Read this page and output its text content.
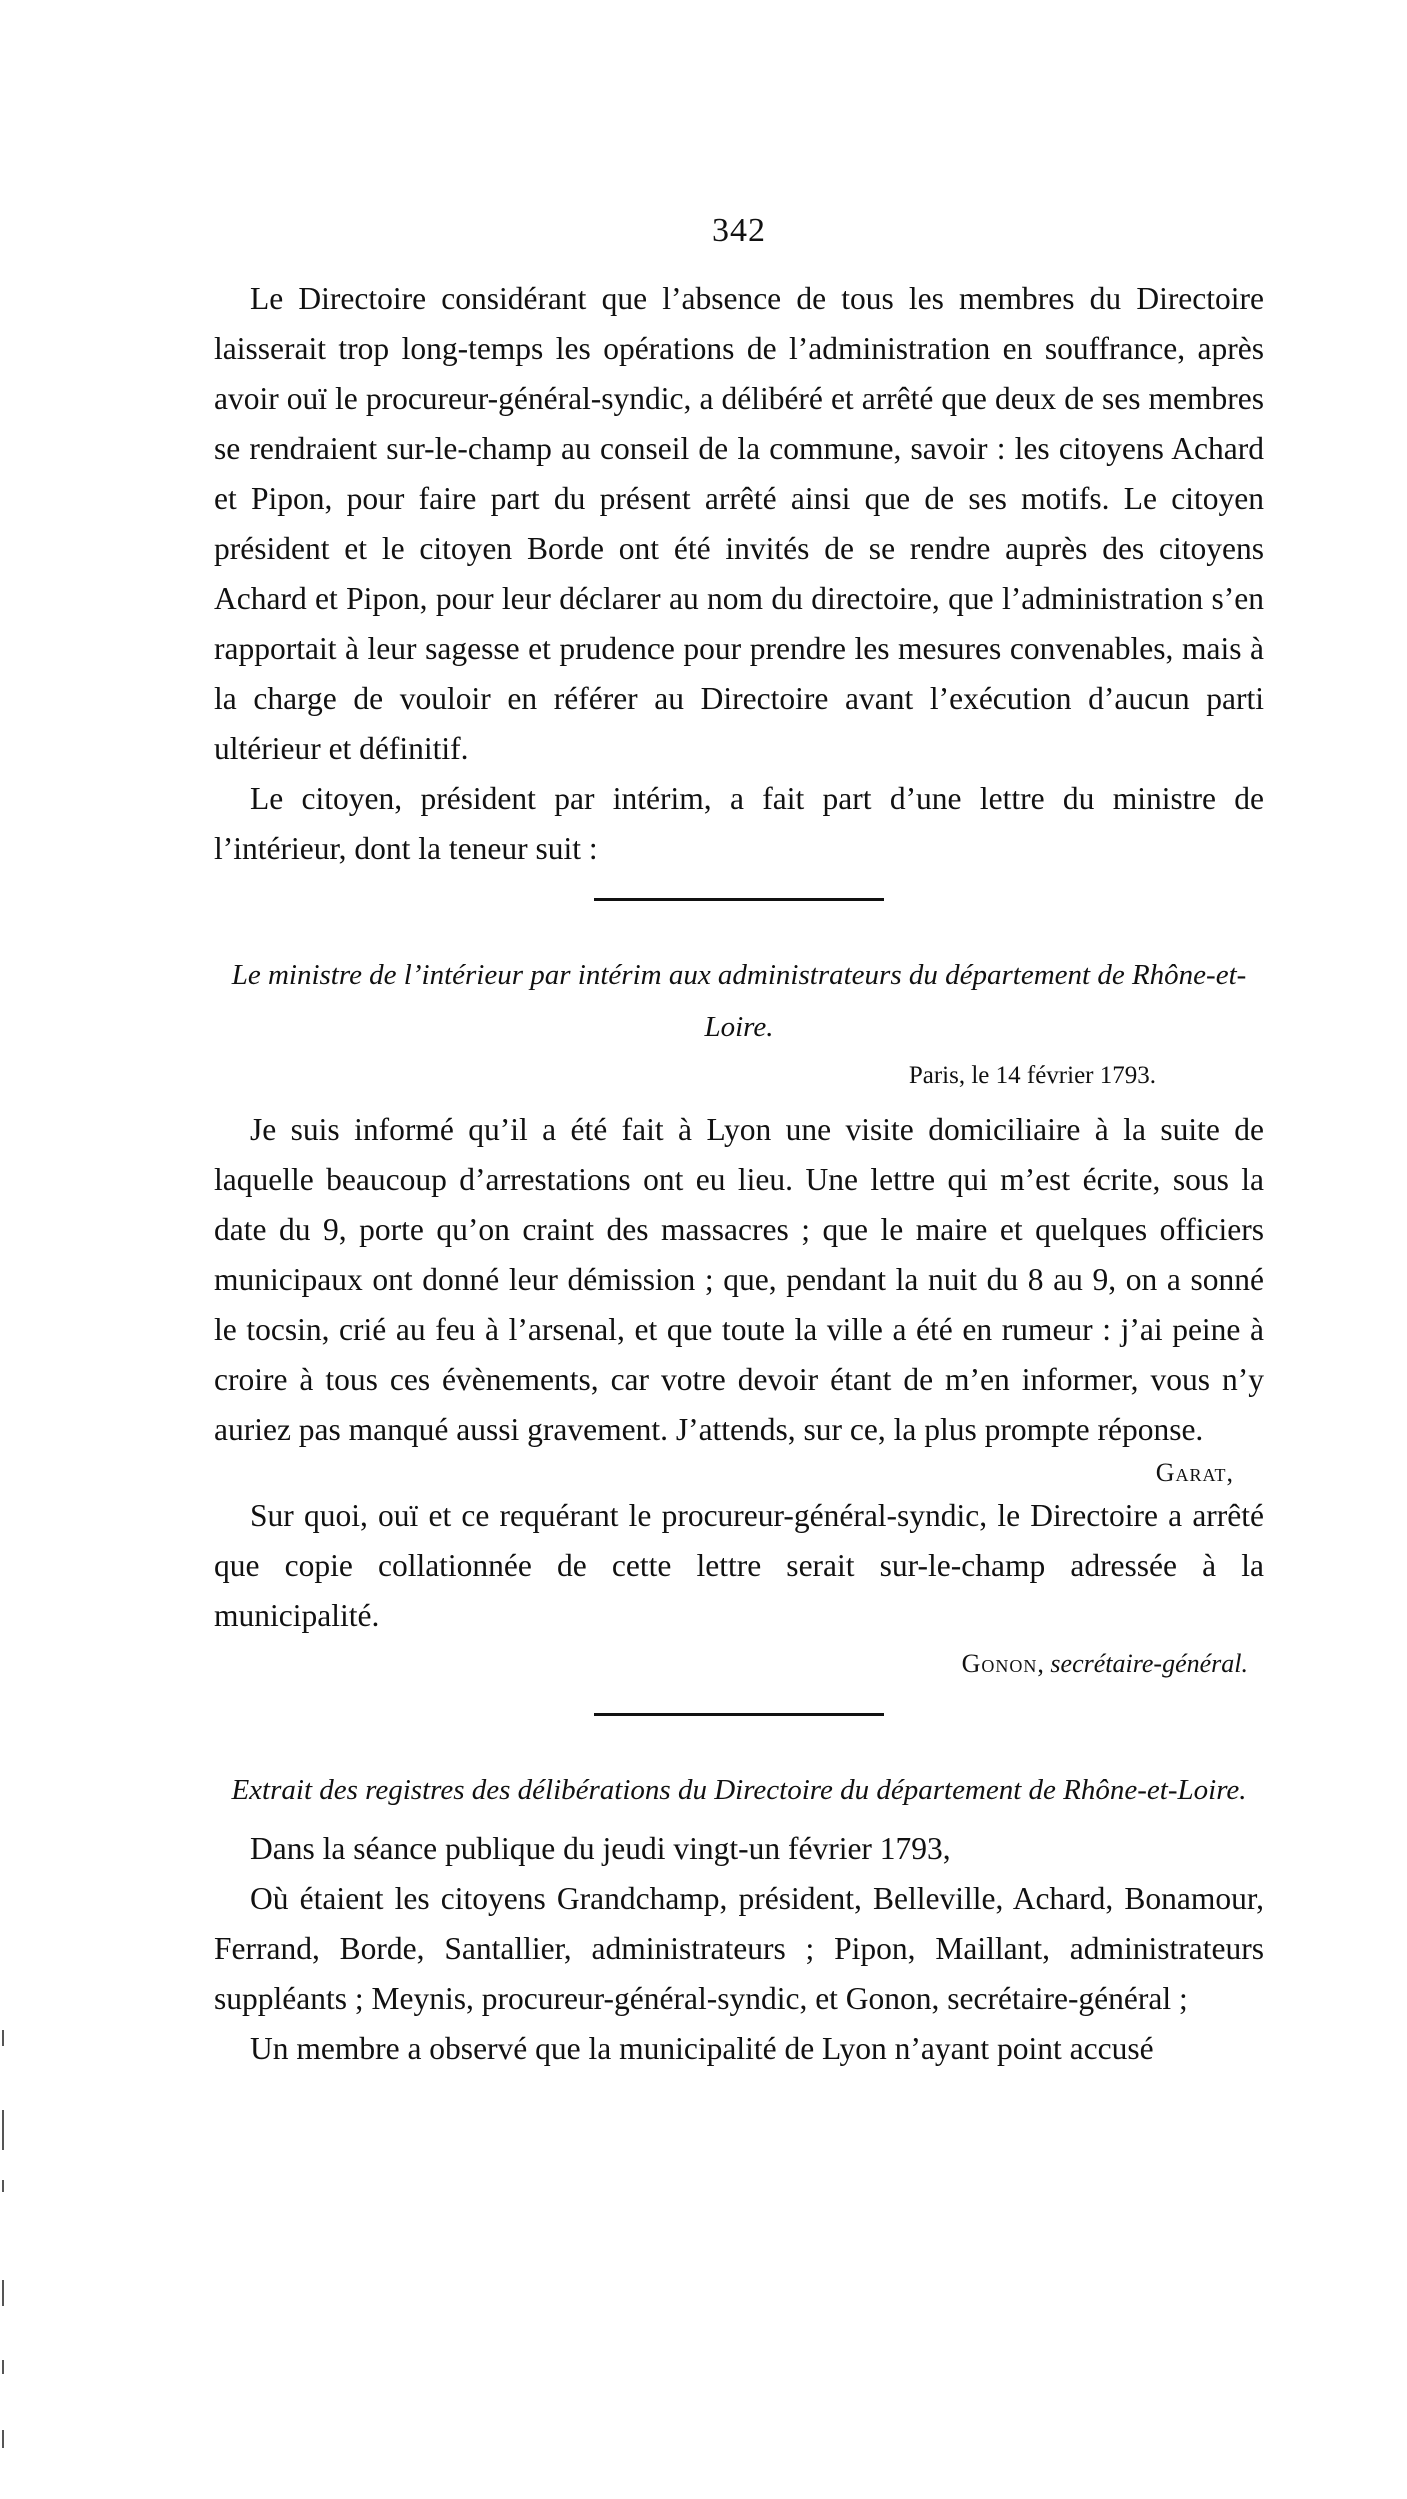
342

Le Directoire considérant que l’absence de tous les membres du Directoire laisserait trop long-temps les opérations de l’administration en souffrance, après avoir ouï le procureur-général-syndic, a délibéré et arrêté que deux de ses membres se rendraient sur-le-champ au conseil de la commune, savoir : les citoyens Achard et Pipon, pour faire part du présent arrêté ainsi que de ses motifs. Le citoyen président et le citoyen Borde ont été invités de se rendre auprès des citoyens Achard et Pipon, pour leur déclarer au nom du directoire, que l’administration s’en rapportait à leur sagesse et prudence pour prendre les mesures convenables, mais à la charge de vouloir en référer au Directoire avant l’exécution d’aucun parti ultérieur et définitif.

Le citoyen, président par intérim, a fait part d’une lettre du ministre de l’intérieur, dont la teneur suit :

Le ministre de l’intérieur par intérim aux administrateurs du département de Rhône-et-Loire.
Paris, le 14 février 1793.

Je suis informé qu’il a été fait à Lyon une visite domiciliaire à la suite de laquelle beaucoup d’arrestations ont eu lieu. Une lettre qui m’est écrite, sous la date du 9, porte qu’on craint des massacres ; que le maire et quelques officiers municipaux ont donné leur démission ; que, pendant la nuit du 8 au 9, on a sonné le tocsin, crié au feu à l’arsenal, et que toute la ville a été en rumeur : j’ai peine à croire à tous ces évènements, car votre devoir étant de m’en informer, vous n’y auriez pas manqué aussi gravement. J’attends, sur ce, la plus prompte réponse.

Garat,

Sur quoi, ouï et ce requérant le procureur-général-syndic, le Directoire a arrêté que copie collationnée de cette lettre serait sur-le-champ adressée à la municipalité.

Gonon, secrétaire-général.
Extrait des registres des délibérations du Directoire du département de Rhône-et-Loire.

Dans la séance publique du jeudi vingt-un février 1793,

Où étaient les citoyens Grandchamp, président, Belleville, Achard, Bonamour, Ferrand, Borde, Santallier, administrateurs ; Pipon, Maillant, administrateurs suppléants ; Meynis, procureur-général-syndic, et Gonon, secrétaire-général ;

Un membre a observé que la municipalité de Lyon n’ayant point accusé
